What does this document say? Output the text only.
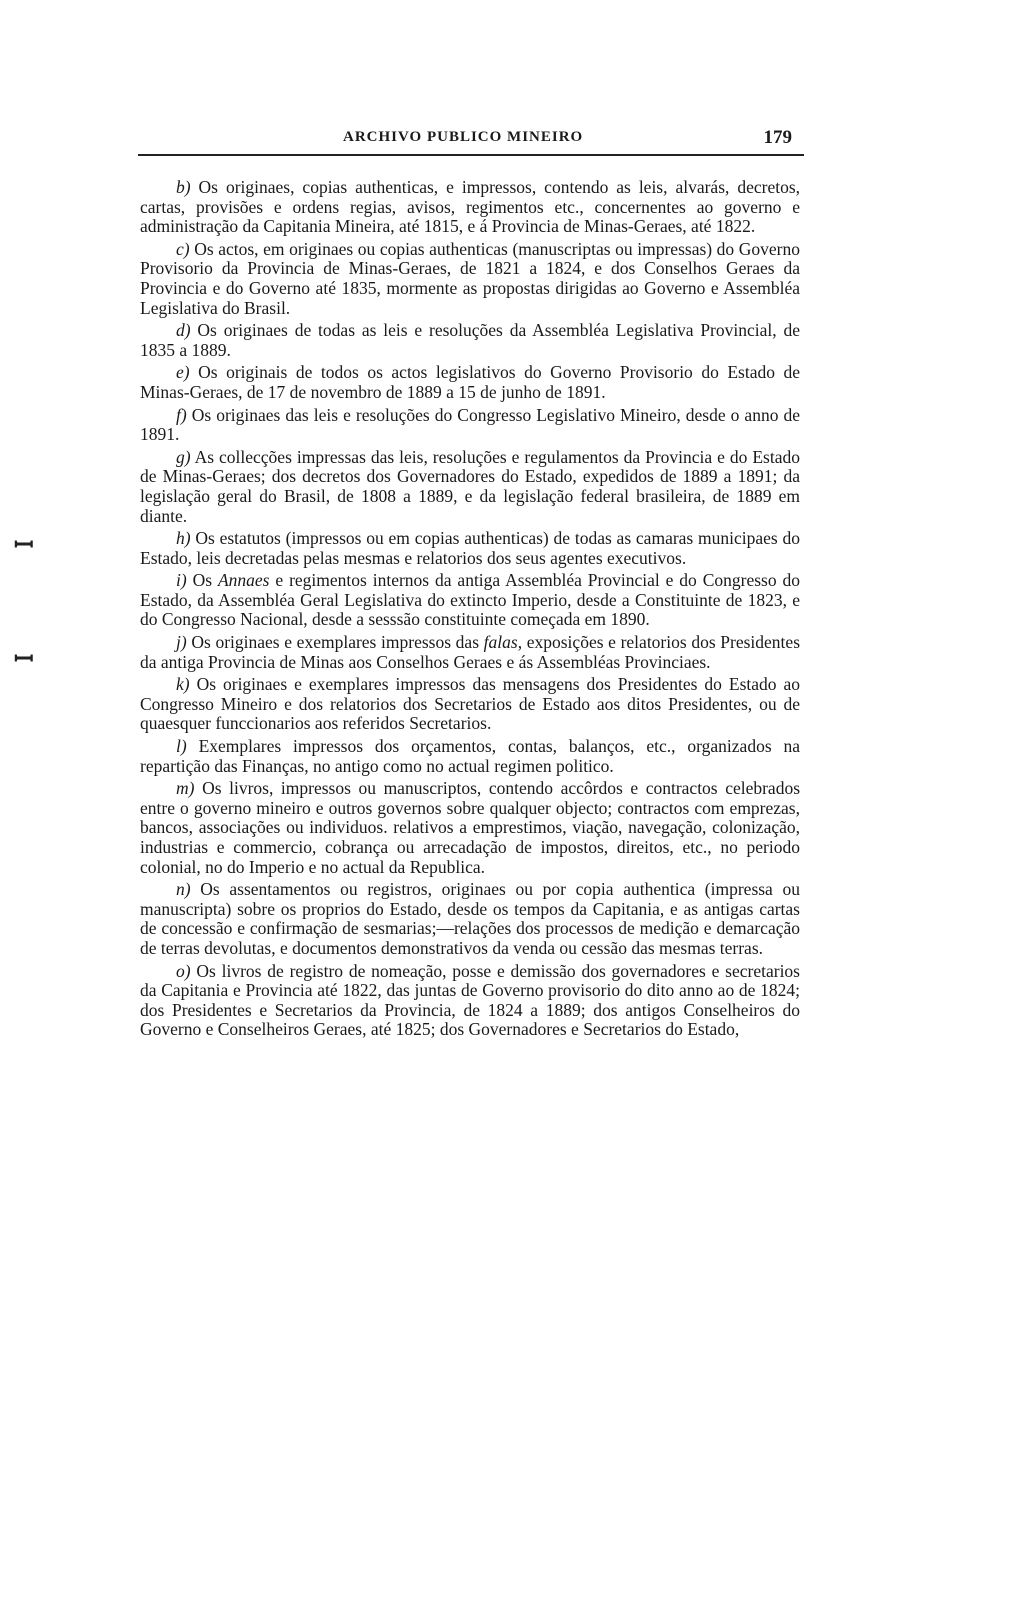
ARCHIVO PUBLICO MINEIRO	179
ꟷ
ꟷ

b) Os originaes, copias authenticas, e impressos, contendo as leis, alvarás, decretos, cartas, provisões e ordens regias, avisos, regimentos etc., concernentes ao governo e administração da Capitania Mineira, até 1815, e á Provincia de Minas-Geraes, até 1822.

c) Os actos, em originaes ou copias authenticas (manuscriptas ou impressas) do Governo Provisorio da Provincia de Minas-Geraes, de 1821 a 1824, e dos Conselhos Geraes da Provincia e do Governo até 1835, mormente as propostas dirigidas ao Governo e Assembléa Legislativa do Brasil.

d) Os originaes de todas as leis e resoluções da Assembléa Legislativa Provincial, de 1835 a 1889.

e) Os originais de todos os actos legislativos do Governo Provisorio do Estado de Minas-Geraes, de 17 de novembro de 1889 a 15 de junho de 1891.

f) Os originaes das leis e resoluções do Congresso Legislativo Mineiro, desde o anno de 1891.

g) As collecções impressas das leis, resoluções e regulamentos da Provincia e do Estado de Minas-Geraes; dos decretos dos Governadores do Estado, expedidos de 1889 a 1891; da legislação geral do Brasil, de 1808 a 1889, e da legislação federal brasileira, de 1889 em diante.

h) Os estatutos (impressos ou em copias authenticas) de todas as camaras municipaes do Estado, leis decretadas pelas mesmas e relatorios dos seus agentes executivos.

i) Os Annaes e regimentos internos da antiga Assembléa Provincial e do Congresso do Estado, da Assembléa Geral Legislativa do extincto Imperio, desde a Constituinte de 1823, e do Congresso Nacional, desde a sesssão constituinte começada em 1890.

j) Os originaes e exemplares impressos das falas, exposições e relatorios dos Presidentes da antiga Provincia de Minas aos Conselhos Geraes e ás Assembléas Provinciaes.

k) Os originaes e exemplares impressos das mensagens dos Presidentes do Estado ao Congresso Mineiro e dos relatorios dos Secretarios de Estado aos ditos Presidentes, ou de quaesquer funccionarios aos referidos Secretarios.

l) Exemplares impressos dos orçamentos, contas, balanços, etc., organizados na repartição das Finanças, no antigo como no actual regimen politico.

m) Os livros, impressos ou manuscriptos, contendo accôrdos e contractos celebrados entre o governo mineiro e outros governos sobre qualquer objecto; contractos com emprezas, bancos, associações ou individuos. relativos a emprestimos, viação, navegação, colonização, industrias e commercio, cobrança ou arrecadação de impostos, direitos, etc., no periodo colonial, no do Imperio e no actual da Republica.

n) Os assentamentos ou registros, originaes ou por copia authentica (impressa ou manuscripta) sobre os proprios do Estado, desde os tempos da Capitania, e as antigas cartas de concessão e confirmação de sesmarias;—relações dos processos de medição e demarcação de terras devolutas, e documentos demonstrativos da venda ou cessão das mesmas terras.

o) Os livros de registro de nomeação, posse e demissão dos governadores e secretarios da Capitania e Provincia até 1822, das juntas de Governo provisorio do dito anno ao de 1824; dos Presidentes e Secretarios da Provincia, de 1824 a 1889; dos antigos Conselheiros do Governo e Conselheiros Geraes, até 1825; dos Governadores e Secretarios do Estado,
